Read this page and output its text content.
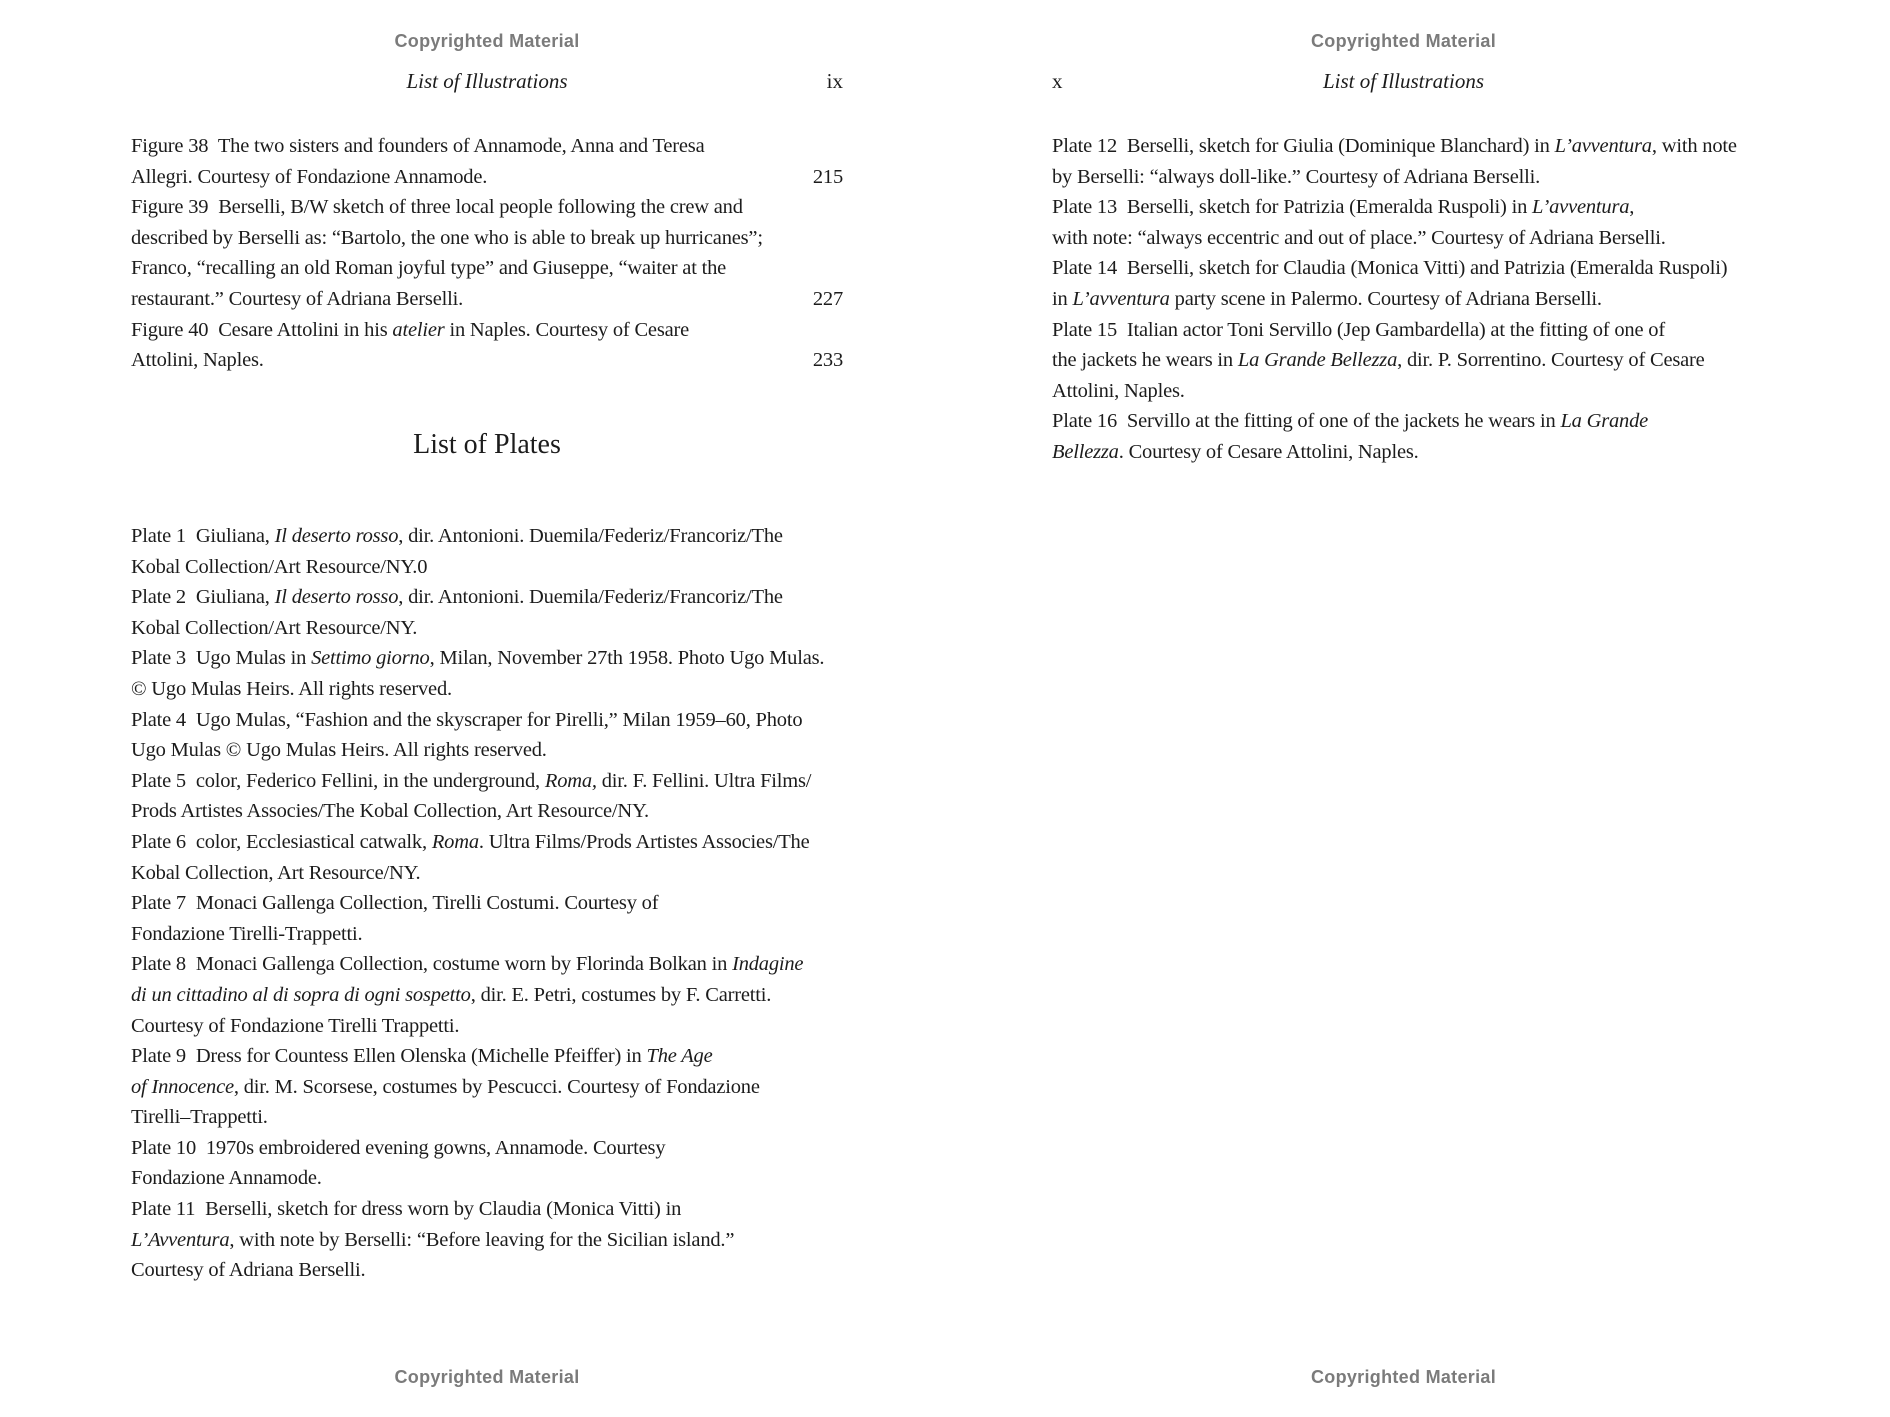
Copyrighted Material
List of Illustrations	ix
Figure 38  The two sisters and founders of Annamode, Anna and Teresa
Allegri. Courtesy of Fondazione Annamode.	215
Figure 39  Berselli, B/W sketch of three local people following the crew and
described by Berselli as: “Bartolo, the one who is able to break up hurricanes”;
Franco, “recalling an old Roman joyful type” and Giuseppe, “waiter at the
restaurant.” Courtesy of Adriana Berselli.	227
Figure 40  Cesare Attolini in his atelier in Naples. Courtesy of Cesare
Attolini, Naples.	233
List of Plates
Plate 1  Giuliana, Il deserto rosso, dir. Antonioni. Duemila/Federiz/Francoriz/The
Kobal Collection/Art Resource/NY.0
Plate 2  Giuliana, Il deserto rosso, dir. Antonioni. Duemila/Federiz/Francoriz/The
Kobal Collection/Art Resource/NY.
Plate 3  Ugo Mulas in Settimo giorno, Milan, November 27th 1958. Photo Ugo Mulas.
© Ugo Mulas Heirs. All rights reserved.
Plate 4  Ugo Mulas, “Fashion and the skyscraper for Pirelli,” Milan 1959–60, Photo
Ugo Mulas © Ugo Mulas Heirs. All rights reserved.
Plate 5  color, Federico Fellini, in the underground, Roma, dir. F. Fellini. Ultra Films/
Prods Artistes Associes/The Kobal Collection, Art Resource/NY.
Plate 6  color, Ecclesiastical catwalk, Roma. Ultra Films/Prods Artistes Associes/The
Kobal Collection, Art Resource/NY.
Plate 7  Monaci Gallenga Collection, Tirelli Costumi. Courtesy of
Fondazione Tirelli-Trappetti.
Plate 8  Monaci Gallenga Collection, costume worn by Florinda Bolkan in Indagine
di un cittadino al di sopra di ogni sospetto, dir. E. Petri, costumes by F. Carretti.
Courtesy of Fondazione Tirelli Trappetti.
Plate 9  Dress for Countess Ellen Olenska (Michelle Pfeiffer) in The Age
of Innocence, dir. M. Scorsese, costumes by Pescucci. Courtesy of Fondazione
Tirelli–Trappetti.
Plate 10  1970s embroidered evening gowns, Annamode. Courtesy
Fondazione Annamode.
Plate 11  Berselli, sketch for dress worn by Claudia (Monica Vitti) in
L’Avventura, with note by Berselli: “Before leaving for the Sicilian island.”
Courtesy of Adriana Berselli.
Copyrighted Material
Copyrighted Material
List of Illustrations
x
Plate 12  Berselli, sketch for Giulia (Dominique Blanchard) in L’avventura, with note
by Berselli: “always doll-like.” Courtesy of Adriana Berselli.
Plate 13  Berselli, sketch for Patrizia (Emeralda Ruspoli) in L’avventura,
with note: “always eccentric and out of place.” Courtesy of Adriana Berselli.
Plate 14  Berselli, sketch for Claudia (Monica Vitti) and Patrizia (Emeralda Ruspoli)
in L’avventura party scene in Palermo. Courtesy of Adriana Berselli.
Plate 15  Italian actor Toni Servillo (Jep Gambardella) at the fitting of one of
the jackets he wears in La Grande Bellezza, dir. P. Sorrentino. Courtesy of Cesare
Attolini, Naples.
Plate 16  Servillo at the fitting of one of the jackets he wears in La Grande
Bellezza. Courtesy of Cesare Attolini, Naples.
Copyrighted Material
